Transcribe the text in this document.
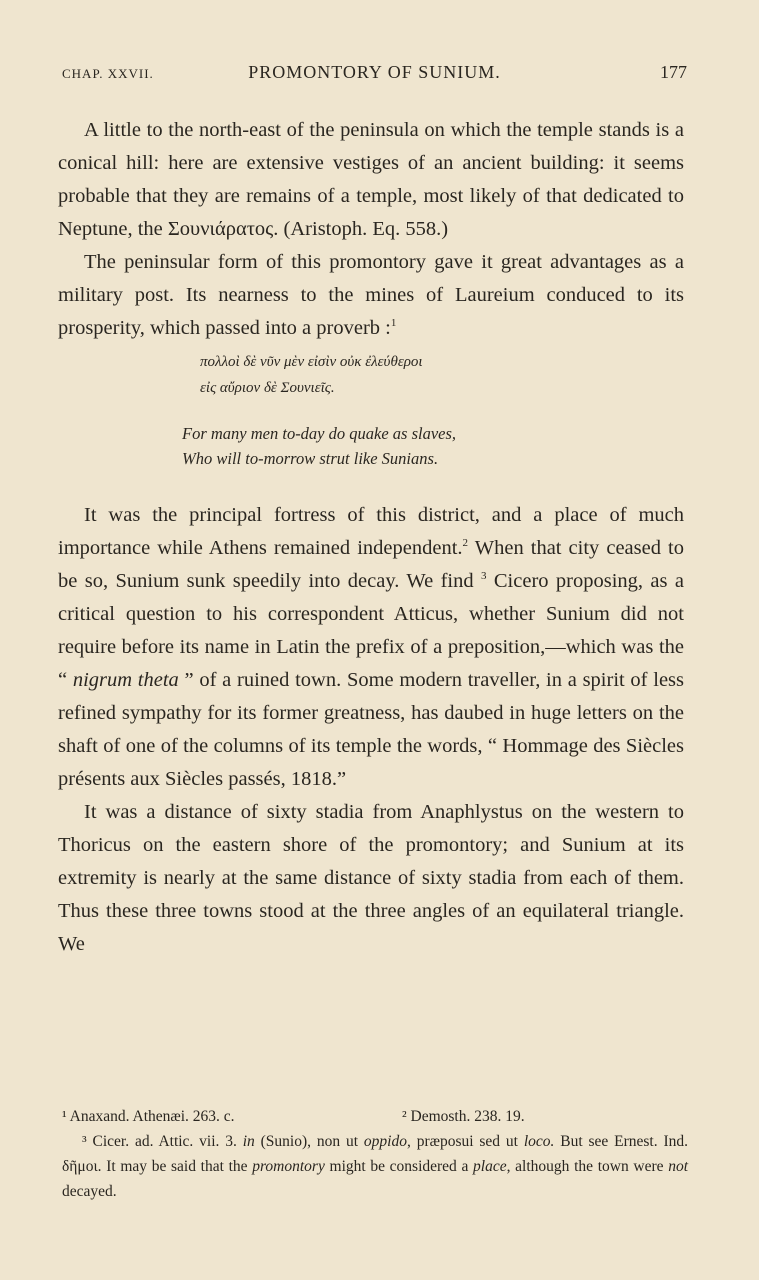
CHAP. XXVII.	PROMONTORY OF SUNIUM.	177

A little to the north-east of the peninsula on which the temple stands is a conical hill: here are extensive vestiges of an ancient building: it seems probable that they are remains of a temple, most likely of that dedicated to Neptune, the Σουνιάρατος. (Aristoph. Eq. 558.)

The peninsular form of this promontory gave it great advantages as a military post. Its nearness to the mines of Laureium conduced to its prosperity, which passed into a proverb :$^1$

πολλοὶ δὲ νῦν μὲν εἰσὶν οὐκ ἐλεύθεροι
εἰς αὔριον δὲ Σουνιεῖς.
For many men to-day do quake as slaves,
Who will to-morrow strut like Sunians.

It was the principal fortress of this district, and a place of much importance while Athens remained independent.$^2$ When that city ceased to be so, Sunium sunk speedily into decay. We find $^3$ Cicero proposing, as a critical question to his correspondent Atticus, whether Sunium did not require before its name in Latin the prefix of a preposition,—which was the “ nigrum theta ” of a ruined town. Some modern traveller, in a spirit of less refined sympathy for its former greatness, has daubed in huge letters on the shaft of one of the columns of its temple the words, “ Hommage des Siècles présents aux Siècles passés, 1818.”

It was a distance of sixty stadia from Anaphlystus on the western to Thoricus on the eastern shore of the promontory; and Sunium at its extremity is nearly at the same distance of sixty stadia from each of them. Thus these three towns stood at the three angles of an equilateral triangle. We

¹ Anaxand. Athenæi. 263. c.	² Demosth. 238. 19.

³ Cicer. ad. Attic. vii. 3. in (Sunio), non ut oppido, præposui sed ut loco. But see Ernest. Ind. δῆμοι. It may be said that the promontory might be considered a place, although the town were not decayed.
